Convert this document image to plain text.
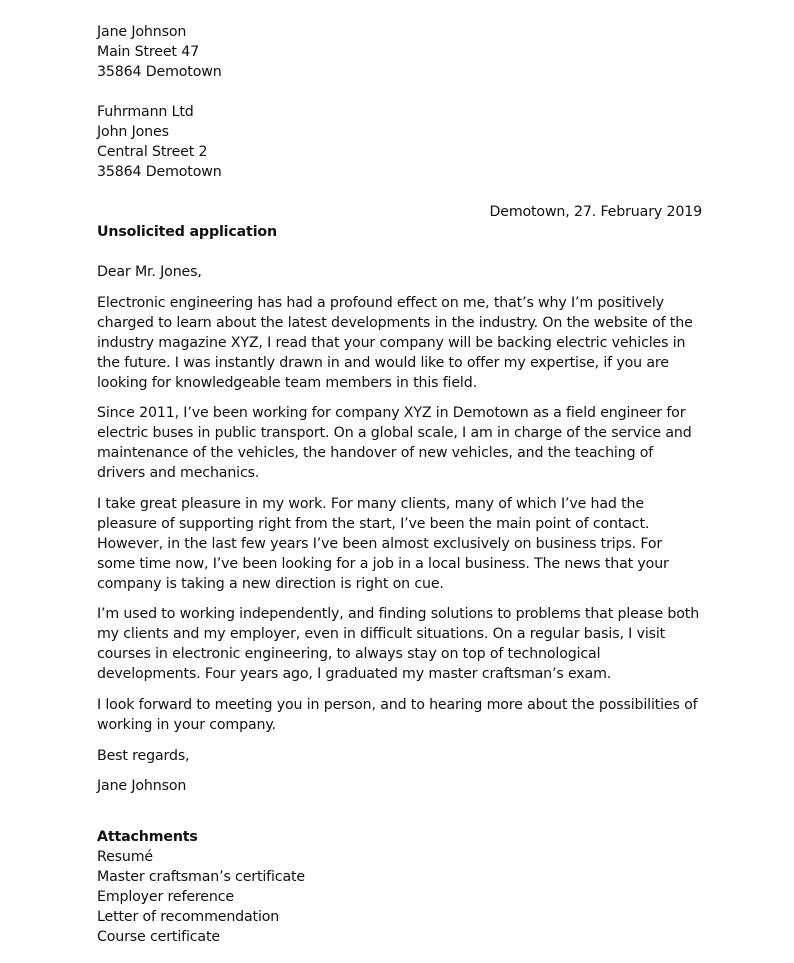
Jane Johnson
Main Street 47
35864 Demotown
Fuhrmann Ltd
John Jones
Central Street 2
35864 Demotown
Demotown, 27. February 2019
Unsolicited application
Dear Mr. Jones,

Electronic engineering has had a profound effect on me, that’s why I’m positively charged to learn about the latest developments in the industry. On the website of the industry magazine XYZ, I read that your company will be backing electric vehicles in the future. I was instantly drawn in and would like to offer my expertise, if you are looking for knowledgeable team members in this field.

Since 2011, I’ve been working for company XYZ in Demotown as a field engineer for electric buses in public transport. On a global scale, I am in charge of the service and maintenance of the vehicles, the handover of new vehicles, and the teaching of drivers and mechanics.

I take great pleasure in my work. For many clients, many of which I’ve had the pleasure of supporting right from the start, I’ve been the main point of contact. However, in the last few years I’ve been almost exclusively on business trips. For some time now, I’ve been looking for a job in a local business. The news that your company is taking a new direction is right on cue.

I’m used to working independently, and finding solutions to problems that please both my clients and my employer, even in difficult situations. On a regular basis, I visit courses in electronic engineering, to always stay on top of technological developments. Four years ago, I graduated my master craftsman’s exam.

I look forward to meeting you in person, and to hearing more about the possibilities of working in your company.

Best regards,
Jane Johnson
Attachments
Resumé
Master craftsman’s certificate
Employer reference
Letter of recommendation
Course certificate
